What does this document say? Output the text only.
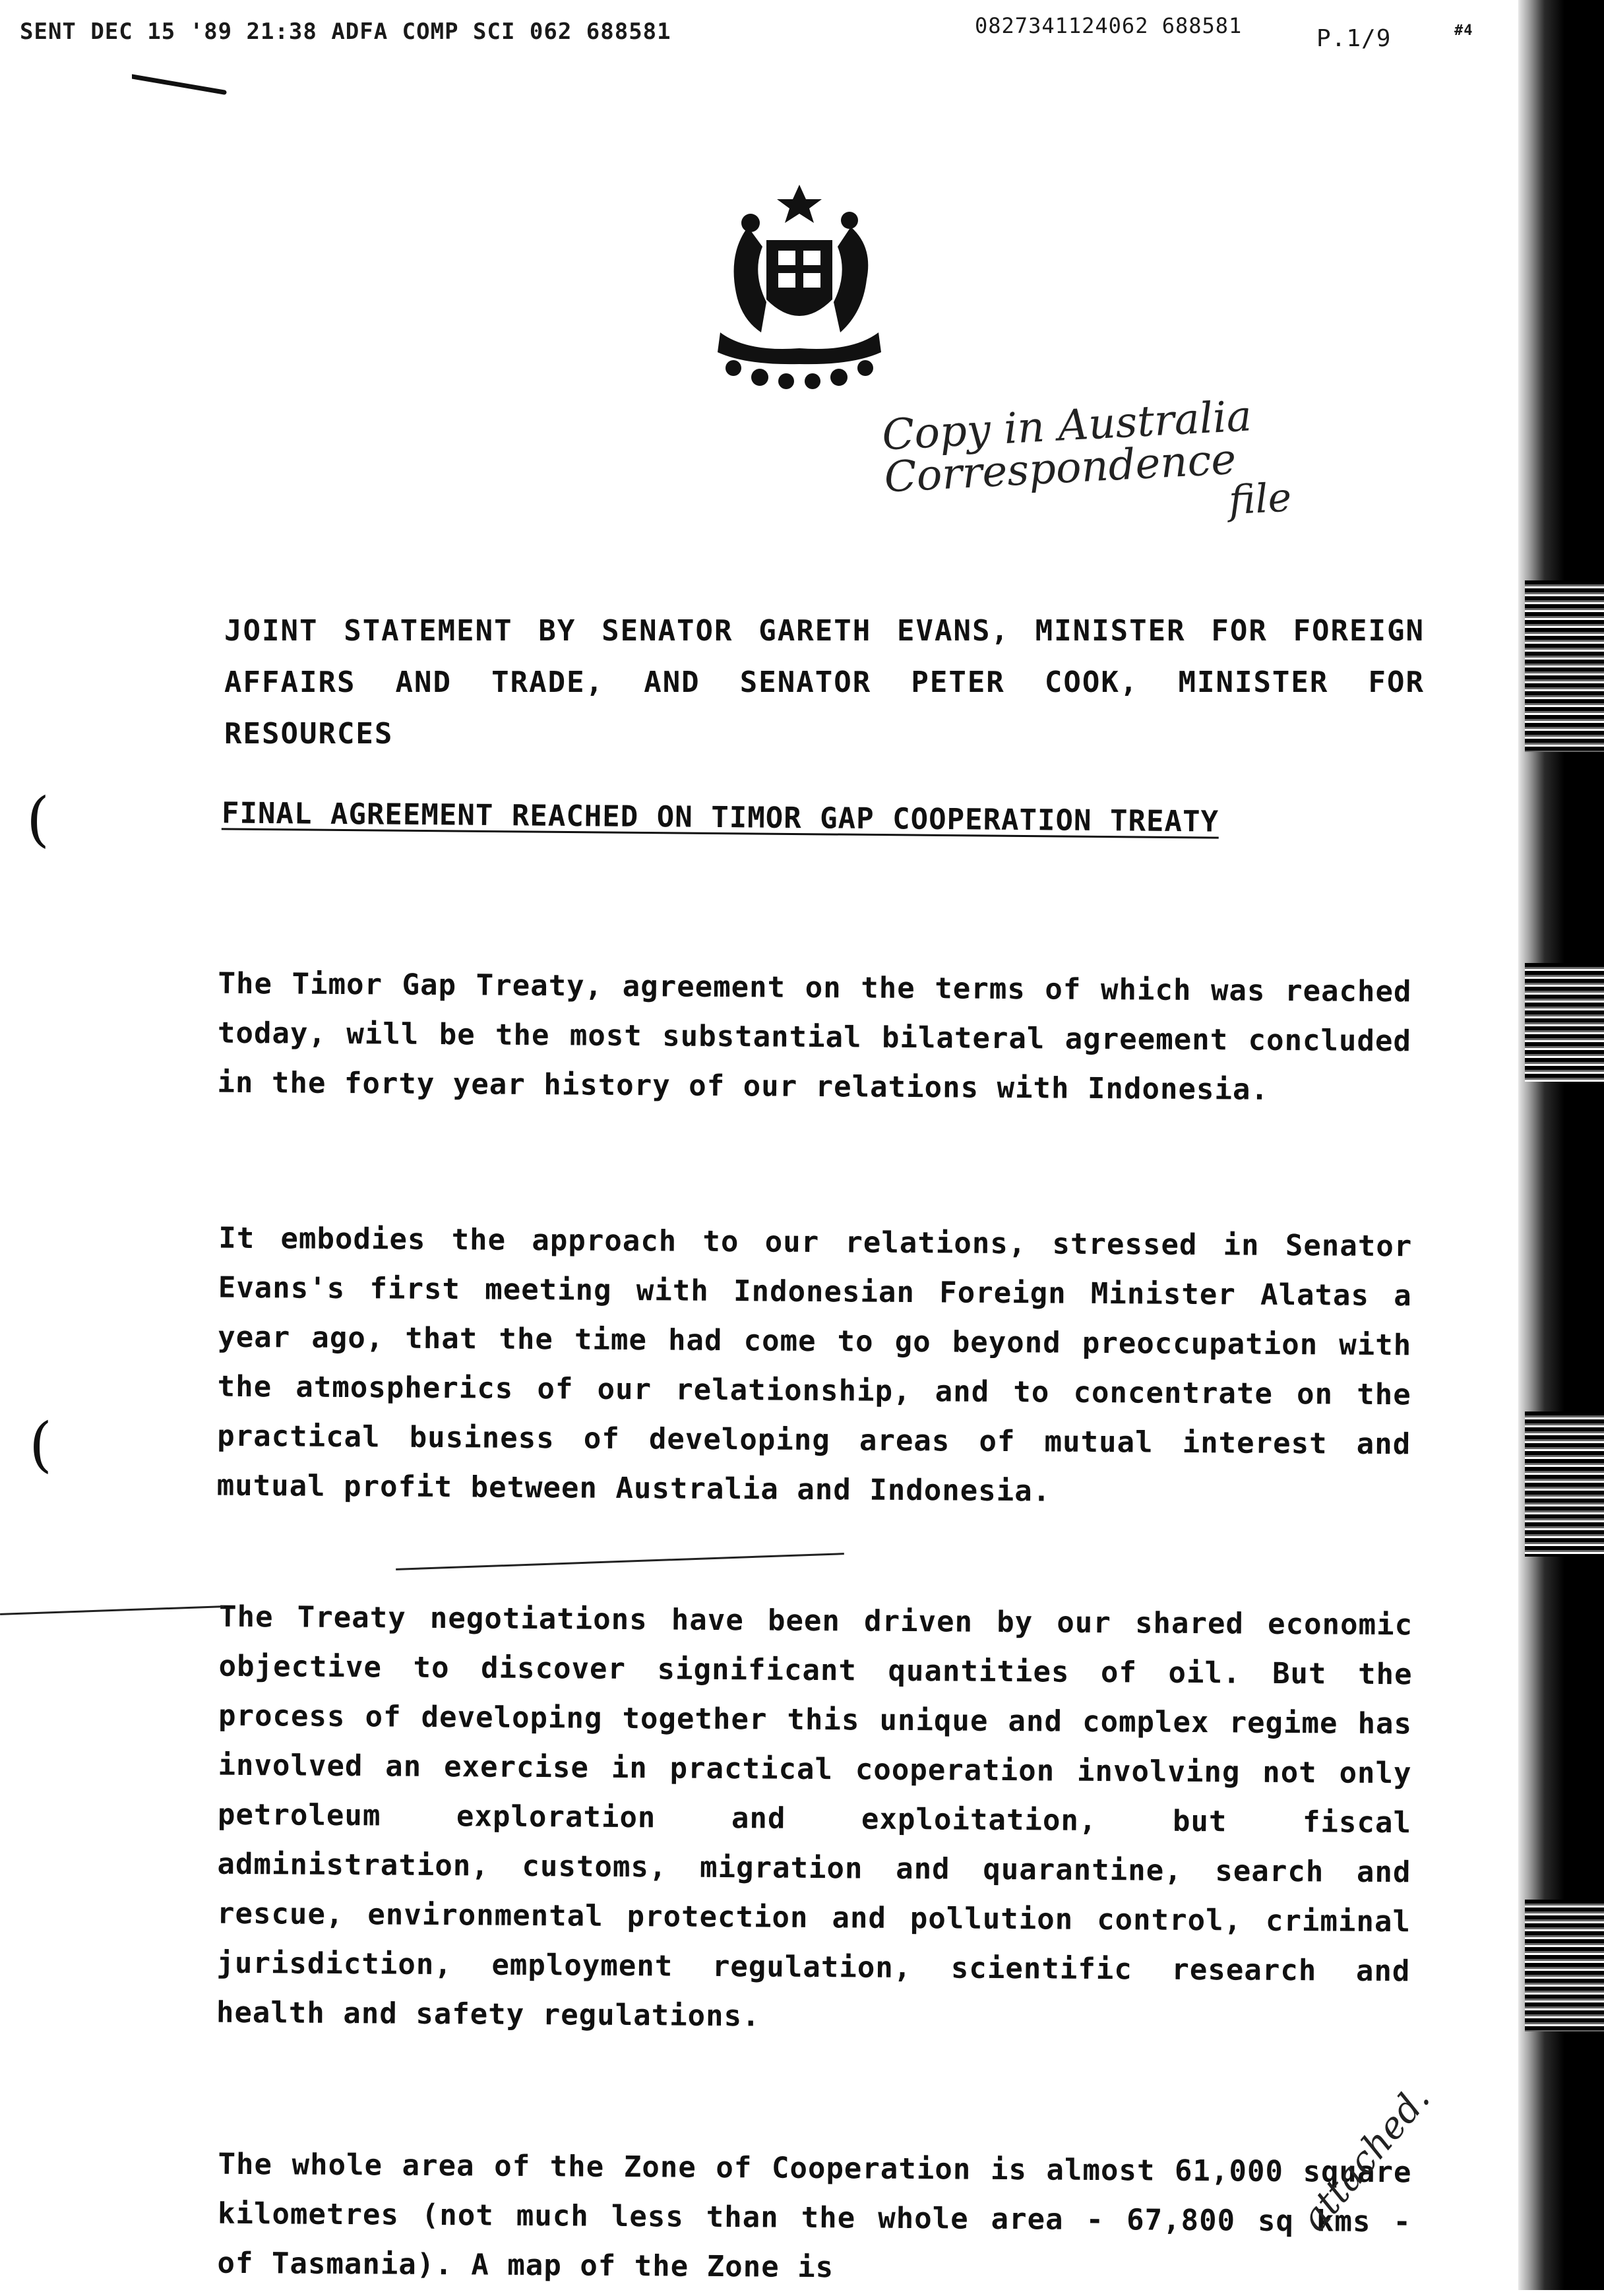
SENT DEC 15 '89 21:38 ADFA COMP SCI 062 688581	0827341124062 688581	P.1/9	#4
Copy in Australia Correspondence
file
JOINT STATEMENT BY SENATOR GARETH EVANS, MINISTER FOR FOREIGN AFFAIRS AND TRADE, AND SENATOR PETER COOK, MINISTER FOR RESOURCES
FINAL AGREEMENT REACHED ON TIMOR GAP COOPERATION TREATY
The Timor Gap Treaty, agreement on the terms of which was reached today, will be the most substantial bilateral agreement concluded in the forty year history of our relations with Indonesia.
It embodies the approach to our relations, stressed in Senator Evans's first meeting with Indonesian Foreign Minister Alatas a year ago, that the time had come to go beyond preoccupation with the atmospherics of our relationship, and to concentrate on the practical business of developing areas of mutual interest and mutual profit between Australia and Indonesia.
The Treaty negotiations have been driven by our shared economic objective to discover significant quantities of oil. But the process of developing together this unique and complex regime has involved an exercise in practical cooperation involving not only petroleum exploration and exploitation, but fiscal administration, customs, migration and quarantine, search and rescue, environmental protection and pollution control, criminal jurisdiction, employment regulation, scientific research and health and safety regulations.
The whole area of the Zone of Cooperation is almost 61,000 square kilometres (not much less than the whole area - 67,800 sq kms - of Tasmania). A map of the Zone is
attached.
(
(
